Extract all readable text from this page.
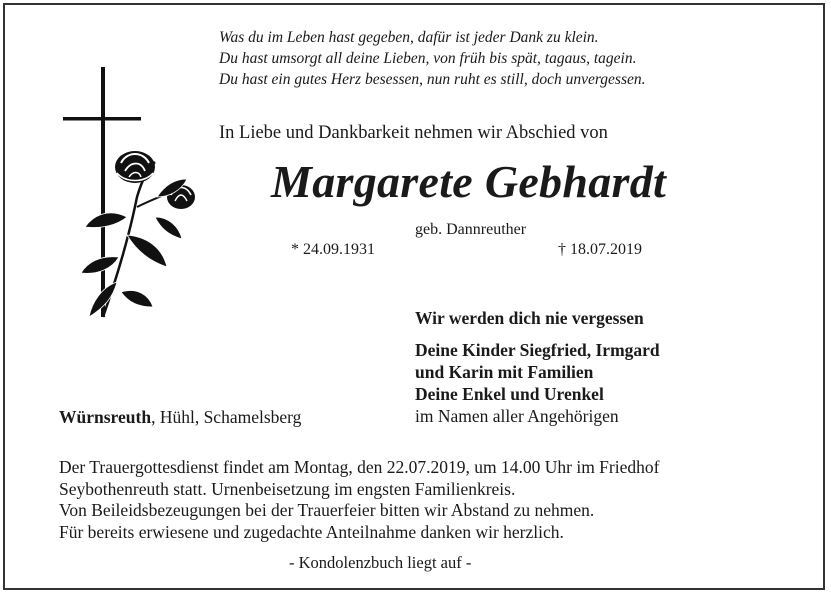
Was du im Leben hast gegeben, dafür ist jeder Dank zu klein.
Du hast umsorgt all deine Lieben, von früh bis spät, tagaus, tagein.
Du hast ein gutes Herz besessen, nun ruht es still, doch unvergessen.
In Liebe und Dankbarkeit nehmen wir Abschied von
Margarete Gebhardt
geb. Dannreuther
* 24.09.1931	† 18.07.2019
Wir werden dich nie vergessen
Deine Kinder Siegfried, Irmgard
und Karin mit Familien
Deine Enkel und Urenkel
im Namen aller Angehörigen
Würnsreuth, Hühl, Schamelsberg
Der Trauergottesdienst findet am Montag, den 22.07.2019, um 14.00 Uhr im Friedhof
Seybothenreuth statt. Urnenbeisetzung im engsten Familienkreis.
Von Beileidsbezeugungen bei der Trauerfeier bitten wir Abstand zu nehmen.
Für bereits erwiesene und zugedachte Anteilnahme danken wir herzlich.
- Kondolenzbuch liegt auf -
